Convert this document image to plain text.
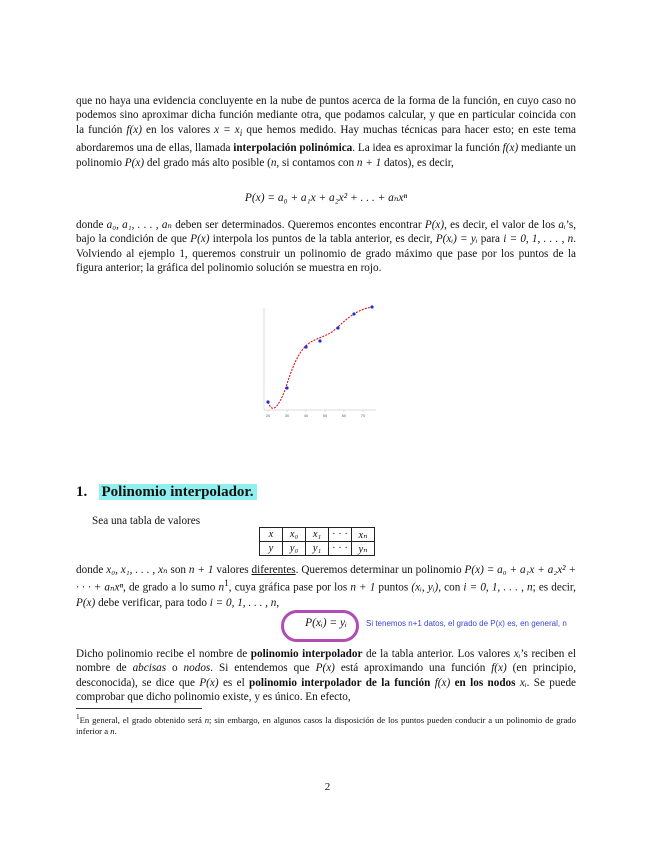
que no haya una evidencia concluyente en la nube de puntos acerca de la forma de la función, en cuyo caso no podemos sino aproximar dicha función mediante otra, que podamos calcular, y que en particular coincida con la función f(x) en los valores $x = x_i$ que hemos medido. Hay muchas técnicas para hacer esto; en este tema abordaremos una de ellas, llamada interpolación polinómica. La idea es aproximar la función f(x) mediante un polinomio P(x) del grado más alto posible (n, si contamos con n + 1 datos), es decir,

P(x) = a₀ + a₁x + a₂x² + . . . + aₙxⁿ

donde a₀, a₁, . . . , aₙ deben ser determinados. Queremos encontes encontrar P(x), es decir, el valor de los aᵢ’s, bajo la condición de que P(x) interpola los puntos de la tabla anterior, es decir, P(xᵢ) = yᵢ para i = 0, 1, . . . , n. Volviendo al ejemplo 1, queremos construir un polinomio de grado máximo que pase por los puntos de la figura anterior; la gráfica del polinomio solución se muestra en rojo.

20	30	40	50	60	70
1. Polinomio interpolador.

Sea una tabla de valores

x	x₀	x₁	· · ·	xₙ
y	y₀	y₁	· · ·	yₙ

donde x₀, x₁, . . . , xₙ son n + 1 valores diferentes. Queremos determinar un polinomio P(x) = a₀ + a₁x + a₂x² + · · · + aₙxⁿ, de grado a lo sumo $n^1$, cuya gráfica pase por los n + 1 puntos (xᵢ, yᵢ), con i = 0, 1, . . . , n; es decir, P(x) debe verificar, para todo i = 0, 1, . . . , n,

P(xᵢ) = yᵢ	Si tenemos n+1 datos, el grado de P(x) es, en general, n

Dicho polinomio recibe el nombre de polinomio interpolador de la tabla anterior. Los valores xᵢ’s reciben el nombre de abcisas o nodos. Si entendemos que P(x) está aproximando una función f(x) (en principio, desconocida), se dice que P(x) es el polinomio interpolador de la función f(x) en los nodos xᵢ. Se puede comprobar que dicho polinomio existe, y es único. En efecto,

$^1$En general, el grado obtenido será n; sin embargo, en algunos casos la disposición de los puntos pueden conducir a un polinomio de grado inferior a n.

2
